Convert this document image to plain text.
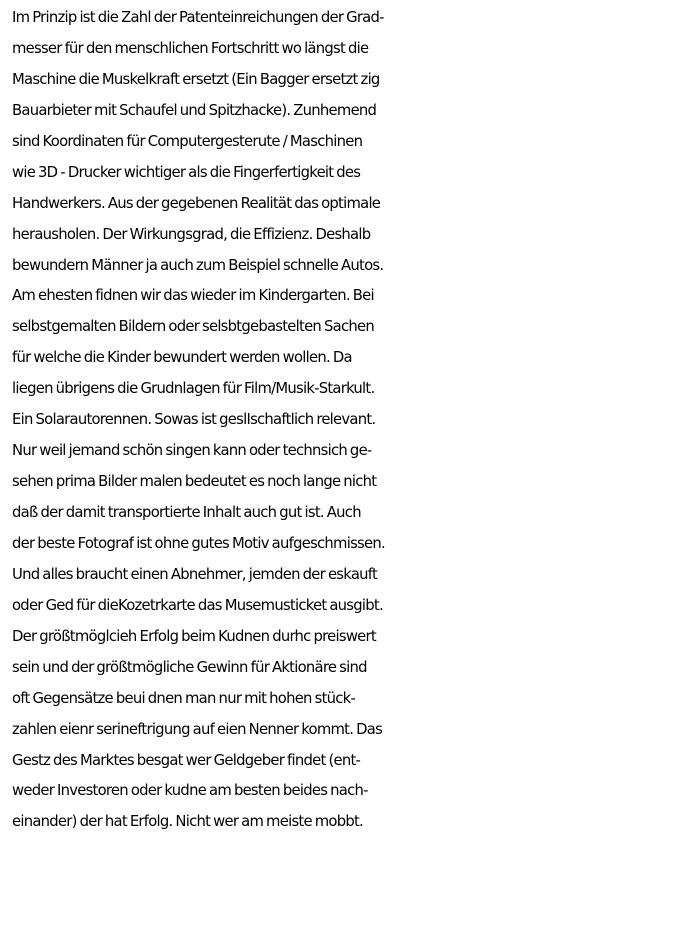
Im Prinzip ist die Zahl der Patenteinreichungen der Grad-
messer für den menschlichen Fortschritt wo längst die
Maschine die Muskelkraft ersetzt (Ein Bagger ersetzt zig
Bauarbieter mit Schaufel und Spitzhacke). Zunhemend
sind Koordinaten für Computergesterute / Maschinen
wie 3D - Drucker wichtiger als die Fingerfertigkeit des
Handwerkers. Aus der gegebenen Realität das optimale
herausholen. Der Wirkungsgrad, die Effizienz. Deshalb
bewundern Männer ja auch zum Beispiel schnelle Autos.
Am ehesten fidnen wir das wieder im Kindergarten. Bei
selbstgemalten Bildern oder selsbtgebastelten Sachen
für welche die Kinder bewundert werden wollen. Da
liegen übrigens die Grudnlagen für Film/Musik-Starkult.
Ein Solarautorennen. Sowas ist geslIschaftlich relevant.
Nur weil jemand schön singen kann oder technsich ge-
sehen prima Bilder malen bedeutet es noch lange nicht
daß der damit transportierte Inhalt auch gut ist. Auch
der beste Fotograf ist ohne gutes Motiv aufgeschmissen.
Und alles braucht einen Abnehmer, jemden der eskauft
oder Ged für dieKozetrkarte das Musemusticket ausgibt.
Der größtmöglcieh Erfolg beim Kudnen durhc preiswert
sein und der größtmögliche Gewinn für Aktionäre sind
oft Gegensätze beui dnen man nur mit hohen stück-
zahlen eienr serineftrigung auf eien Nenner kommt. Das
Gestz des Marktes besgat wer Geldgeber findet (ent-
weder Investoren oder kudne am besten beides nach-
einander) der hat Erfolg. Nicht wer am meiste mobbt.
